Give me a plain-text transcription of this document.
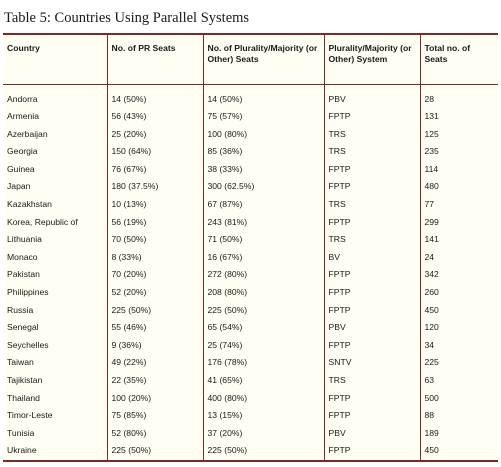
Table 5: Countries Using Parallel Systems
Country	No. of PR Seats	No. of Plurality/Majority (or Other) Seats	Plurality/Majority (or Other) System	Total no. of Seats
Andorra	14 (50%)	14 (50%)	PBV	28
Armenia	56 (43%)	75 (57%)	FPTP	131
Azerbaijan	25 (20%)	100 (80%)	TRS	125
Georgia	150 (64%)	85 (36%)	TRS	235
Guinea	76 (67%)	38 (33%)	FPTP	114
Japan	180 (37.5%)	300 (62.5%)	FPTP	480
Kazakhstan	10 (13%)	67 (87%)	TRS	77
Korea, Republic of	56 (19%)	243 (81%)	FPTP	299
Lithuania	70 (50%)	71 (50%)	TRS	141
Monaco	8 (33%)	16 (67%)	BV	24
Pakistan	70 (20%)	272 (80%)	FPTP	342
Philippines	52 (20%)	208 (80%)	FPTP	260
Russia	225 (50%)	225 (50%)	FPTP	450
Senegal	55 (46%)	65 (54%)	PBV	120
Seychelles	9 (36%)	25 (74%)	FPTP	34
Taiwan	49 (22%)	176 (78%)	SNTV	225
Tajikistan	22 (35%)	41 (65%)	TRS	63
Thailand	100 (20%)	400 (80%)	FPTP	500
Timor-Leste	75 (85%)	13 (15%)	FPTP	88
Tunisia	52 (80%)	37 (20%)	PBV	189
Ukraine	225 (50%)	225 (50%)	FPTP	450
